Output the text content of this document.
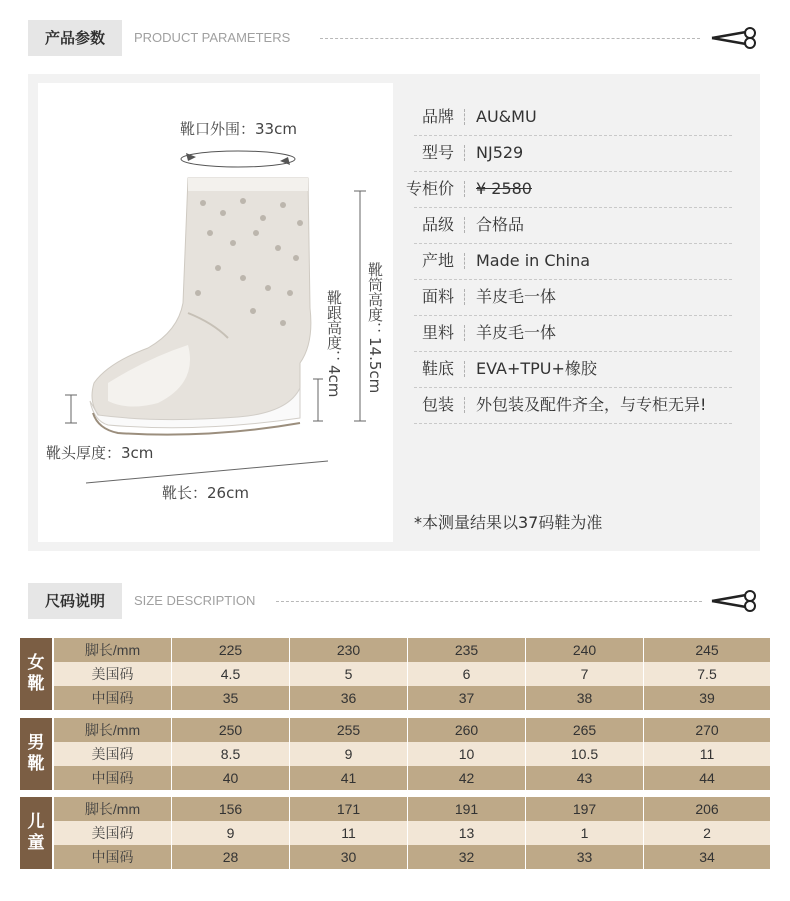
产品参数	PRODUCT PARAMETERS
靴口外围：33cm
靴筒高度：14.5cm
靴跟高度：4cm
靴头厚度：3cm
靴长：26cm
品牌 AU&MU
型号 NJ529
专柜价 ¥ 2580
品级 合格品
产地 Made in China
面料 羊皮毛一体
里料 羊皮毛一体
鞋底 EVA+TPU+橡胶
包装 外包装及配件齐全，与专柜无异!
*本测量结果以37码鞋为准
尺码说明	SIZE DESCRIPTION
女
靴
脚长/mm	225	230	235	240	245
美国码	4.5	5	6	7	7.5
中国码	35	36	37	38	39
男
靴
脚长/mm	250	255	260	265	270
美国码	8.5	9	10	10.5	11
中国码	40	41	42	43	44
儿
童
脚长/mm	156	171	191	197	206
美国码	9	11	13	1	2
中国码	28	30	32	33	34
